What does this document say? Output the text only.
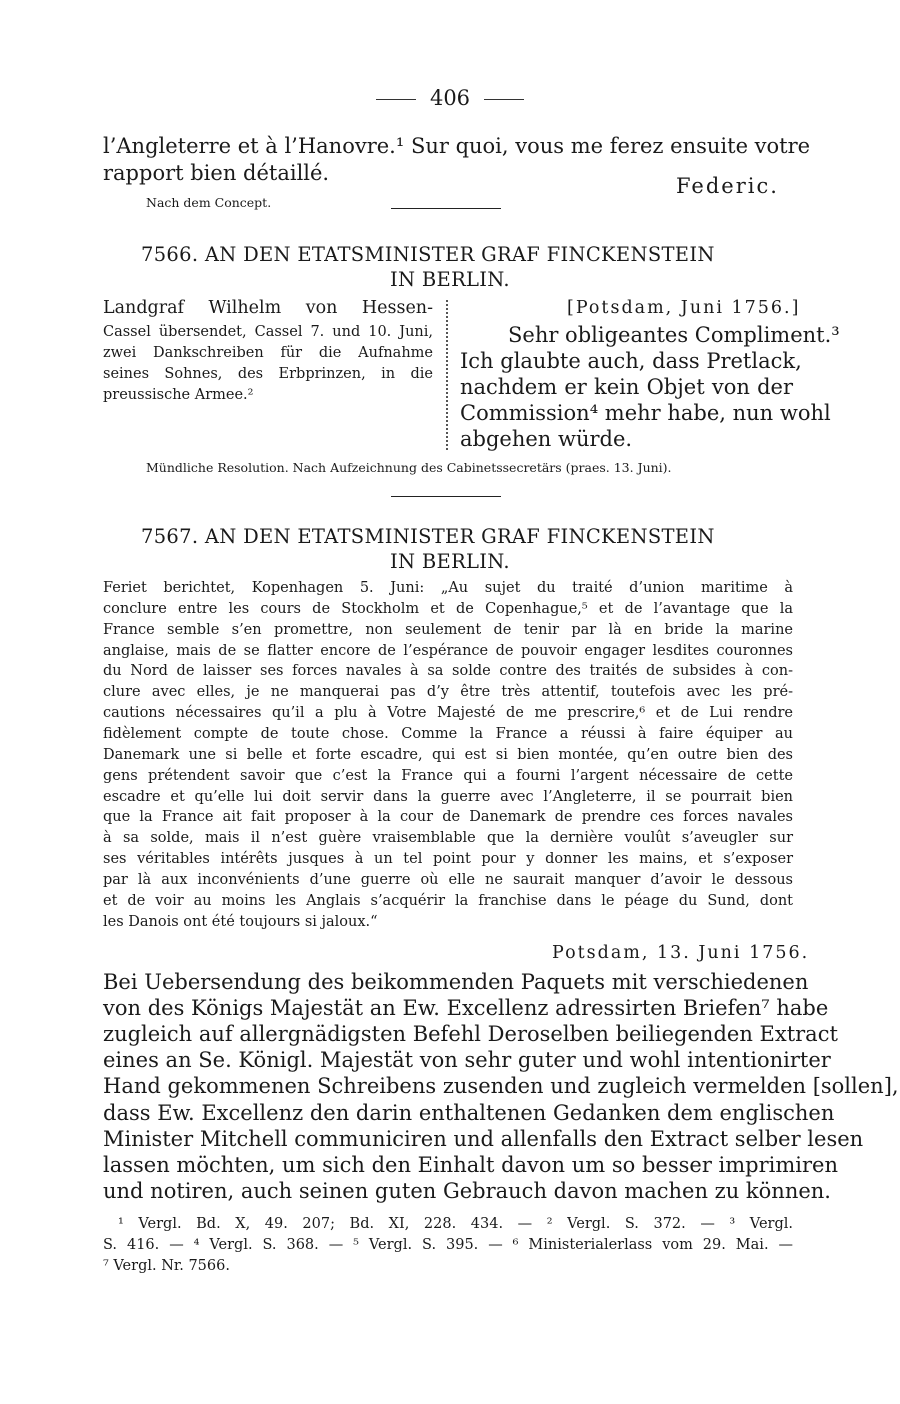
406
l’Angleterre et à l’Hanovre.¹ Sur quoi, vous me ferez ensuite votre
rapport bien détaillé.
Federic.
Nach dem Concept.
7566. AN DEN ETATSMINISTER GRAF FINCKENSTEIN
IN BERLIN.
Landgraf Wilhelm von Hessen-
Cassel übersendet, Cassel 7. und 10. Juni,
zwei Dankschreiben für die Aufnahme
seines Sohnes, des Erbprinzen, in die
preussische Armee.²
[Potsdam, Juni 1756.]
Sehr obligeantes Compliment.³
Ich glaubte auch, dass Pretlack,
nachdem er kein Objet von der
Commission⁴ mehr habe, nun wohl
abgehen würde.
Mündliche Resolution. Nach Aufzeichnung des Cabinetssecretärs (praes. 13. Juni).
7567. AN DEN ETATSMINISTER GRAF FINCKENSTEIN
IN BERLIN.
Feriet berichtet, Kopenhagen 5. Juni: „Au sujet du traité d’union maritime à
conclure entre les cours de Stockholm et de Copenhague,⁵ et de l’avantage que la
France semble s’en promettre, non seulement de tenir par là en bride la marine
anglaise, mais de se flatter encore de l’espérance de pouvoir engager lesdites couronnes
du Nord de laisser ses forces navales à sa solde contre des traités de subsides à con-
clure avec elles, je ne manquerai pas d’y être très attentif, toutefois avec les pré-
cautions nécessaires qu’il a plu à Votre Majesté de me prescrire,⁶ et de Lui rendre
fidèlement compte de toute chose. Comme la France a réussi à faire équiper au
Danemark une si belle et forte escadre, qui est si bien montée, qu’en outre bien des
gens prétendent savoir que c’est la France qui a fourni l’argent nécessaire de cette
escadre et qu’elle lui doit servir dans la guerre avec l’Angleterre, il se pourrait bien
que la France ait fait proposer à la cour de Danemark de prendre ces forces navales
à sa solde, mais il n’est guère vraisemblable que la dernière voulût s’aveugler sur
ses véritables intérêts jusques à un tel point pour y donner les mains, et s’exposer
par là aux inconvénients d’une guerre où elle ne saurait manquer d’avoir le dessous
et de voir au moins les Anglais s’acquérir la franchise dans le péage du Sund, dont
les Danois ont été toujours si jaloux.“
Potsdam, 13. Juni 1756.
Bei Uebersendung des beikommenden Paquets mit verschiedenen
von des Königs Majestät an Ew. Excellenz adressirten Briefen⁷ habe
zugleich auf allergnädigsten Befehl Deroselben beiliegenden Extract
eines an Se. Königl. Majestät von sehr guter und wohl intentionirter
Hand gekommenen Schreibens zusenden und zugleich vermelden [sollen],
dass Ew. Excellenz den darin enthaltenen Gedanken dem englischen
Minister Mitchell communiciren und allenfalls den Extract selber lesen
lassen möchten, um sich den Einhalt davon um so besser imprimiren
und notiren, auch seinen guten Gebrauch davon machen zu können.
¹ Vergl. Bd. X, 49. 207; Bd. XI, 228. 434. — ² Vergl. S. 372. — ³ Vergl.
S. 416. — ⁴ Vergl. S. 368. — ⁵ Vergl. S. 395. — ⁶ Ministerialerlass vom 29. Mai. —
⁷ Vergl. Nr. 7566.
